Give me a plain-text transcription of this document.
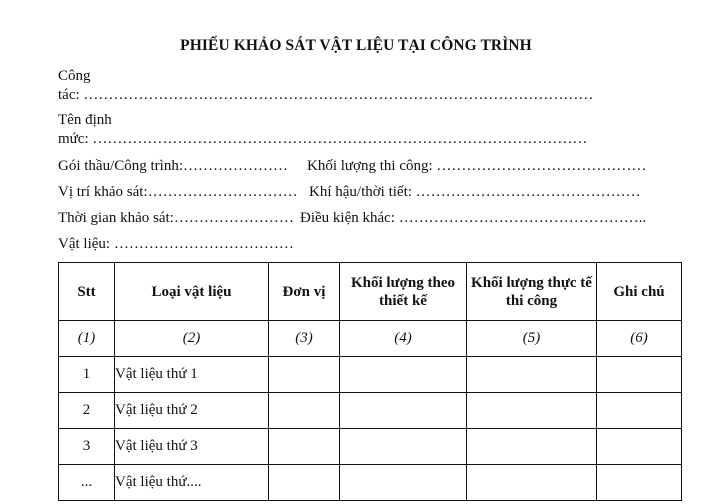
PHIẾU KHẢO SÁT VẬT LIỆU TẠI CÔNG TRÌNH
Công
tác: …………………………………………………………………………………………
Tên định
mức: ………………………………………………………………………………………
Gói thầu/Công trình:………………… Khối lượng thi công: ……………………………………
Vị trí khảo sát:………………………… Khí hậu/thời tiết: ………………………………………
Thời gian khảo sát:…………………… Điều kiện khác: …………………………………………..
Vật liệu: ………………………………
Stt	Loại vật liệu	Đơn vị	Khối lượng theo thiết kế	Khối lượng thực tế thi công	Ghi chú
(1)	(2)	(3)	(4)	(5)	(6)
1	Vật liệu thứ 1				
2	Vật liệu thứ 2				
3	Vật liệu thứ 3				
...	Vật liệu thứ....				
